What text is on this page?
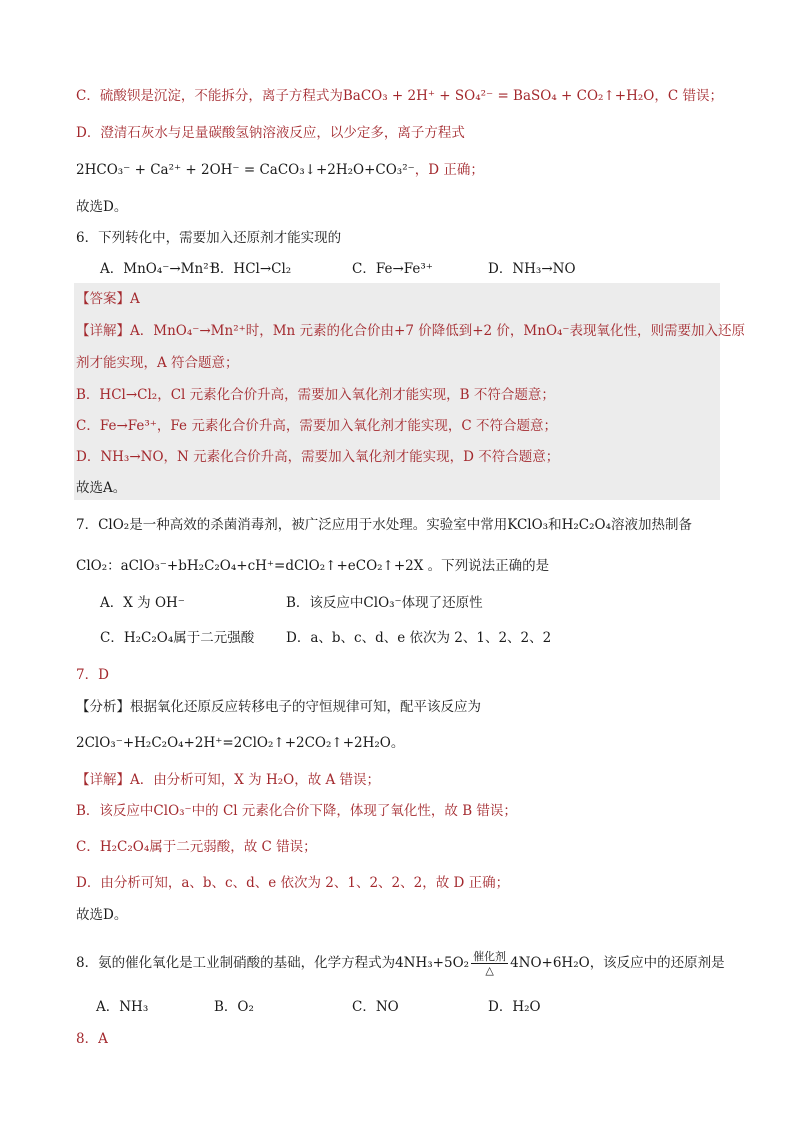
C．硫酸钡是沉淀，不能拆分，离子方程式为BaCO₃ + 2H⁺ + SO₄²⁻ = BaSO₄ + CO₂↑+H₂O，C 错误；
D．澄清石灰水与足量碳酸氢钠溶液反应，以少定多，离子方程式
2HCO₃⁻ + Ca²⁺ + 2OH⁻ = CaCO₃↓+2H₂O+CO₃²⁻，D 正确；
故选D。
6．下列转化中，需要加入还原剂才能实现的
A．MnO₄⁻→Mn²⁺
B．HCl→Cl₂	C．Fe→Fe³⁺	D．NH₃→NO
【答案】A
【详解】A．MnO₄⁻→Mn²⁺时，Mn 元素的化合价由+7 价降低到+2 价，MnO₄⁻表现氧化性，则需要加入还原
剂才能实现，A 符合题意；
B．HCl→Cl₂，Cl 元素化合价升高，需要加入氧化剂才能实现，B 不符合题意；
C．Fe→Fe³⁺，Fe 元素化合价升高，需要加入氧化剂才能实现，C 不符合题意；
D．NH₃→NO，N 元素化合价升高，需要加入氧化剂才能实现，D 不符合题意；
故选A。
7．ClO₂是一种高效的杀菌消毒剂，被广泛应用于水处理。实验室中常用KClO₃和H₂C₂O₄溶液加热制备
ClO₂：aClO₃⁻+bH₂C₂O₄+cH⁺=dClO₂↑+eCO₂↑+2X 。下列说法正确的是
A．X 为 OH⁻	B．该反应中ClO₃⁻体现了还原性
C．H₂C₂O₄属于二元强酸 D．a、b、c、d、e 依次为 2、1、2、2、2
7．D
【分析】根据氧化还原反应转移电子的守恒规律可知，配平该反应为
2ClO₃⁻+H₂C₂O₄+2H⁺=2ClO₂↑+2CO₂↑+2H₂O。
【详解】A．由分析可知，X 为 H₂O，故 A 错误；
B．该反应中ClO₃⁻中的 Cl 元素化合价下降，体现了氧化性，故 B 错误；
C．H₂C₂O₄属于二元弱酸，故 C 错误；
D．由分析可知，a、b、c、d、e 依次为 2、1、2、2、2，故 D 正确；
故选D。
8．氨的催化氧化是工业制硝酸的基础，化学方程式为$4NH_3+5O_2 \frac{\text{催化剂}}{\triangle} 4NO+6H_2O$，该反应中的还原剂是
A．NH₃	B．O₂	C．NO	D．H₂O
8．A
